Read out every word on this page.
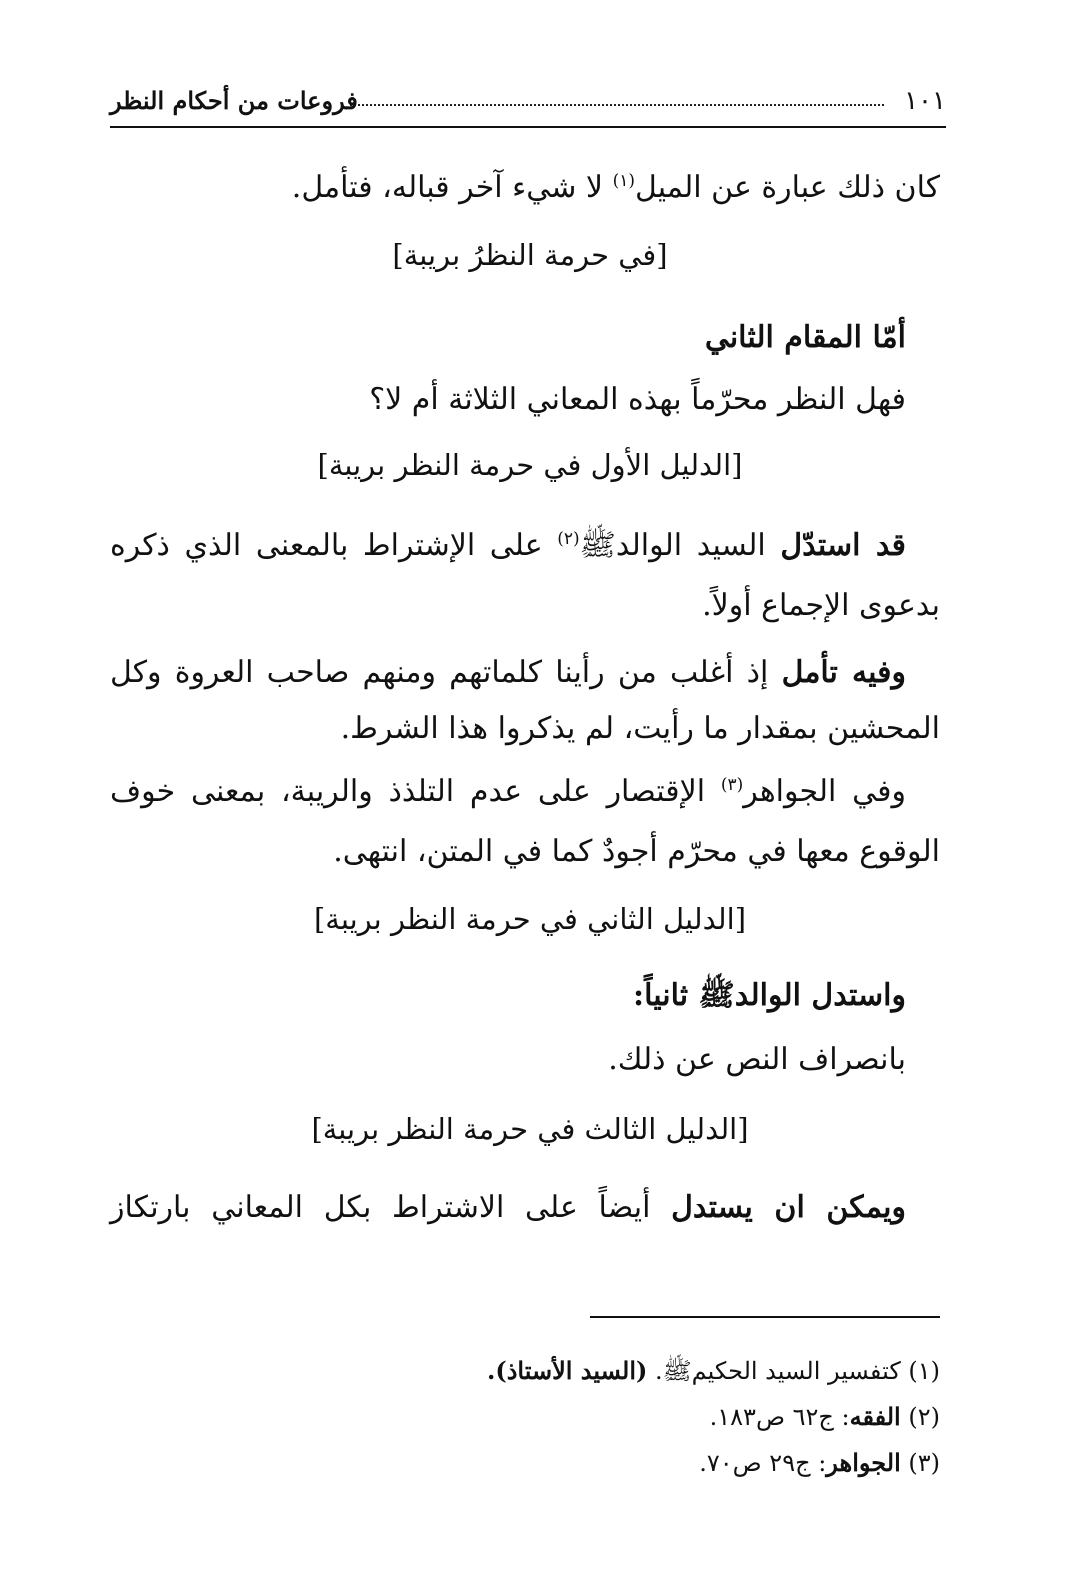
١٠١
فروعات من أحكام النظر
كان ذلك عبارة عن الميل$^{(١)}$ لا شيء آخر قباله، فتأمل.
[في حرمة النظرُ بريبة]
أمّا المقام الثاني
فهل النظر محرّماً بهذه المعاني الثلاثة أم لا؟
[الدليل الأول في حرمة النظر بريبة]
قد استدّل السيد الوالدﷺ$^{(٢)}$ على الإشتراط بالمعنى الذي ذكره
بدعوى الإجماع أولاً.
وفيه تأمل إذ أغلب من رأينا كلماتهم ومنهم صاحب العروة وكل
المحشين بمقدار ما رأيت، لم يذكروا هذا الشرط.
وفي الجواهر$^{(٣)}$ الإقتصار على عدم التلذذ والريبة، بمعنى خوف
الوقوع معها في محرّم أجودٌ كما في المتن، انتهى.
[الدليل الثاني في حرمة النظر بريبة]
واستدل الوالدﷺ ثانياً:
بانصراف النص عن ذلك.
[الدليل الثالث في حرمة النظر بريبة]
ويمكن ان يستدل أيضاً على الاشتراط بكل المعاني بارتكاز
(١) كتفسير السيد الحكيمﷺ. (السيد الأستاذ).
(٢) الفقه: ج٦٢ ص١٨٣.
(٣) الجواهر: ج٢٩ ص٧٠.
